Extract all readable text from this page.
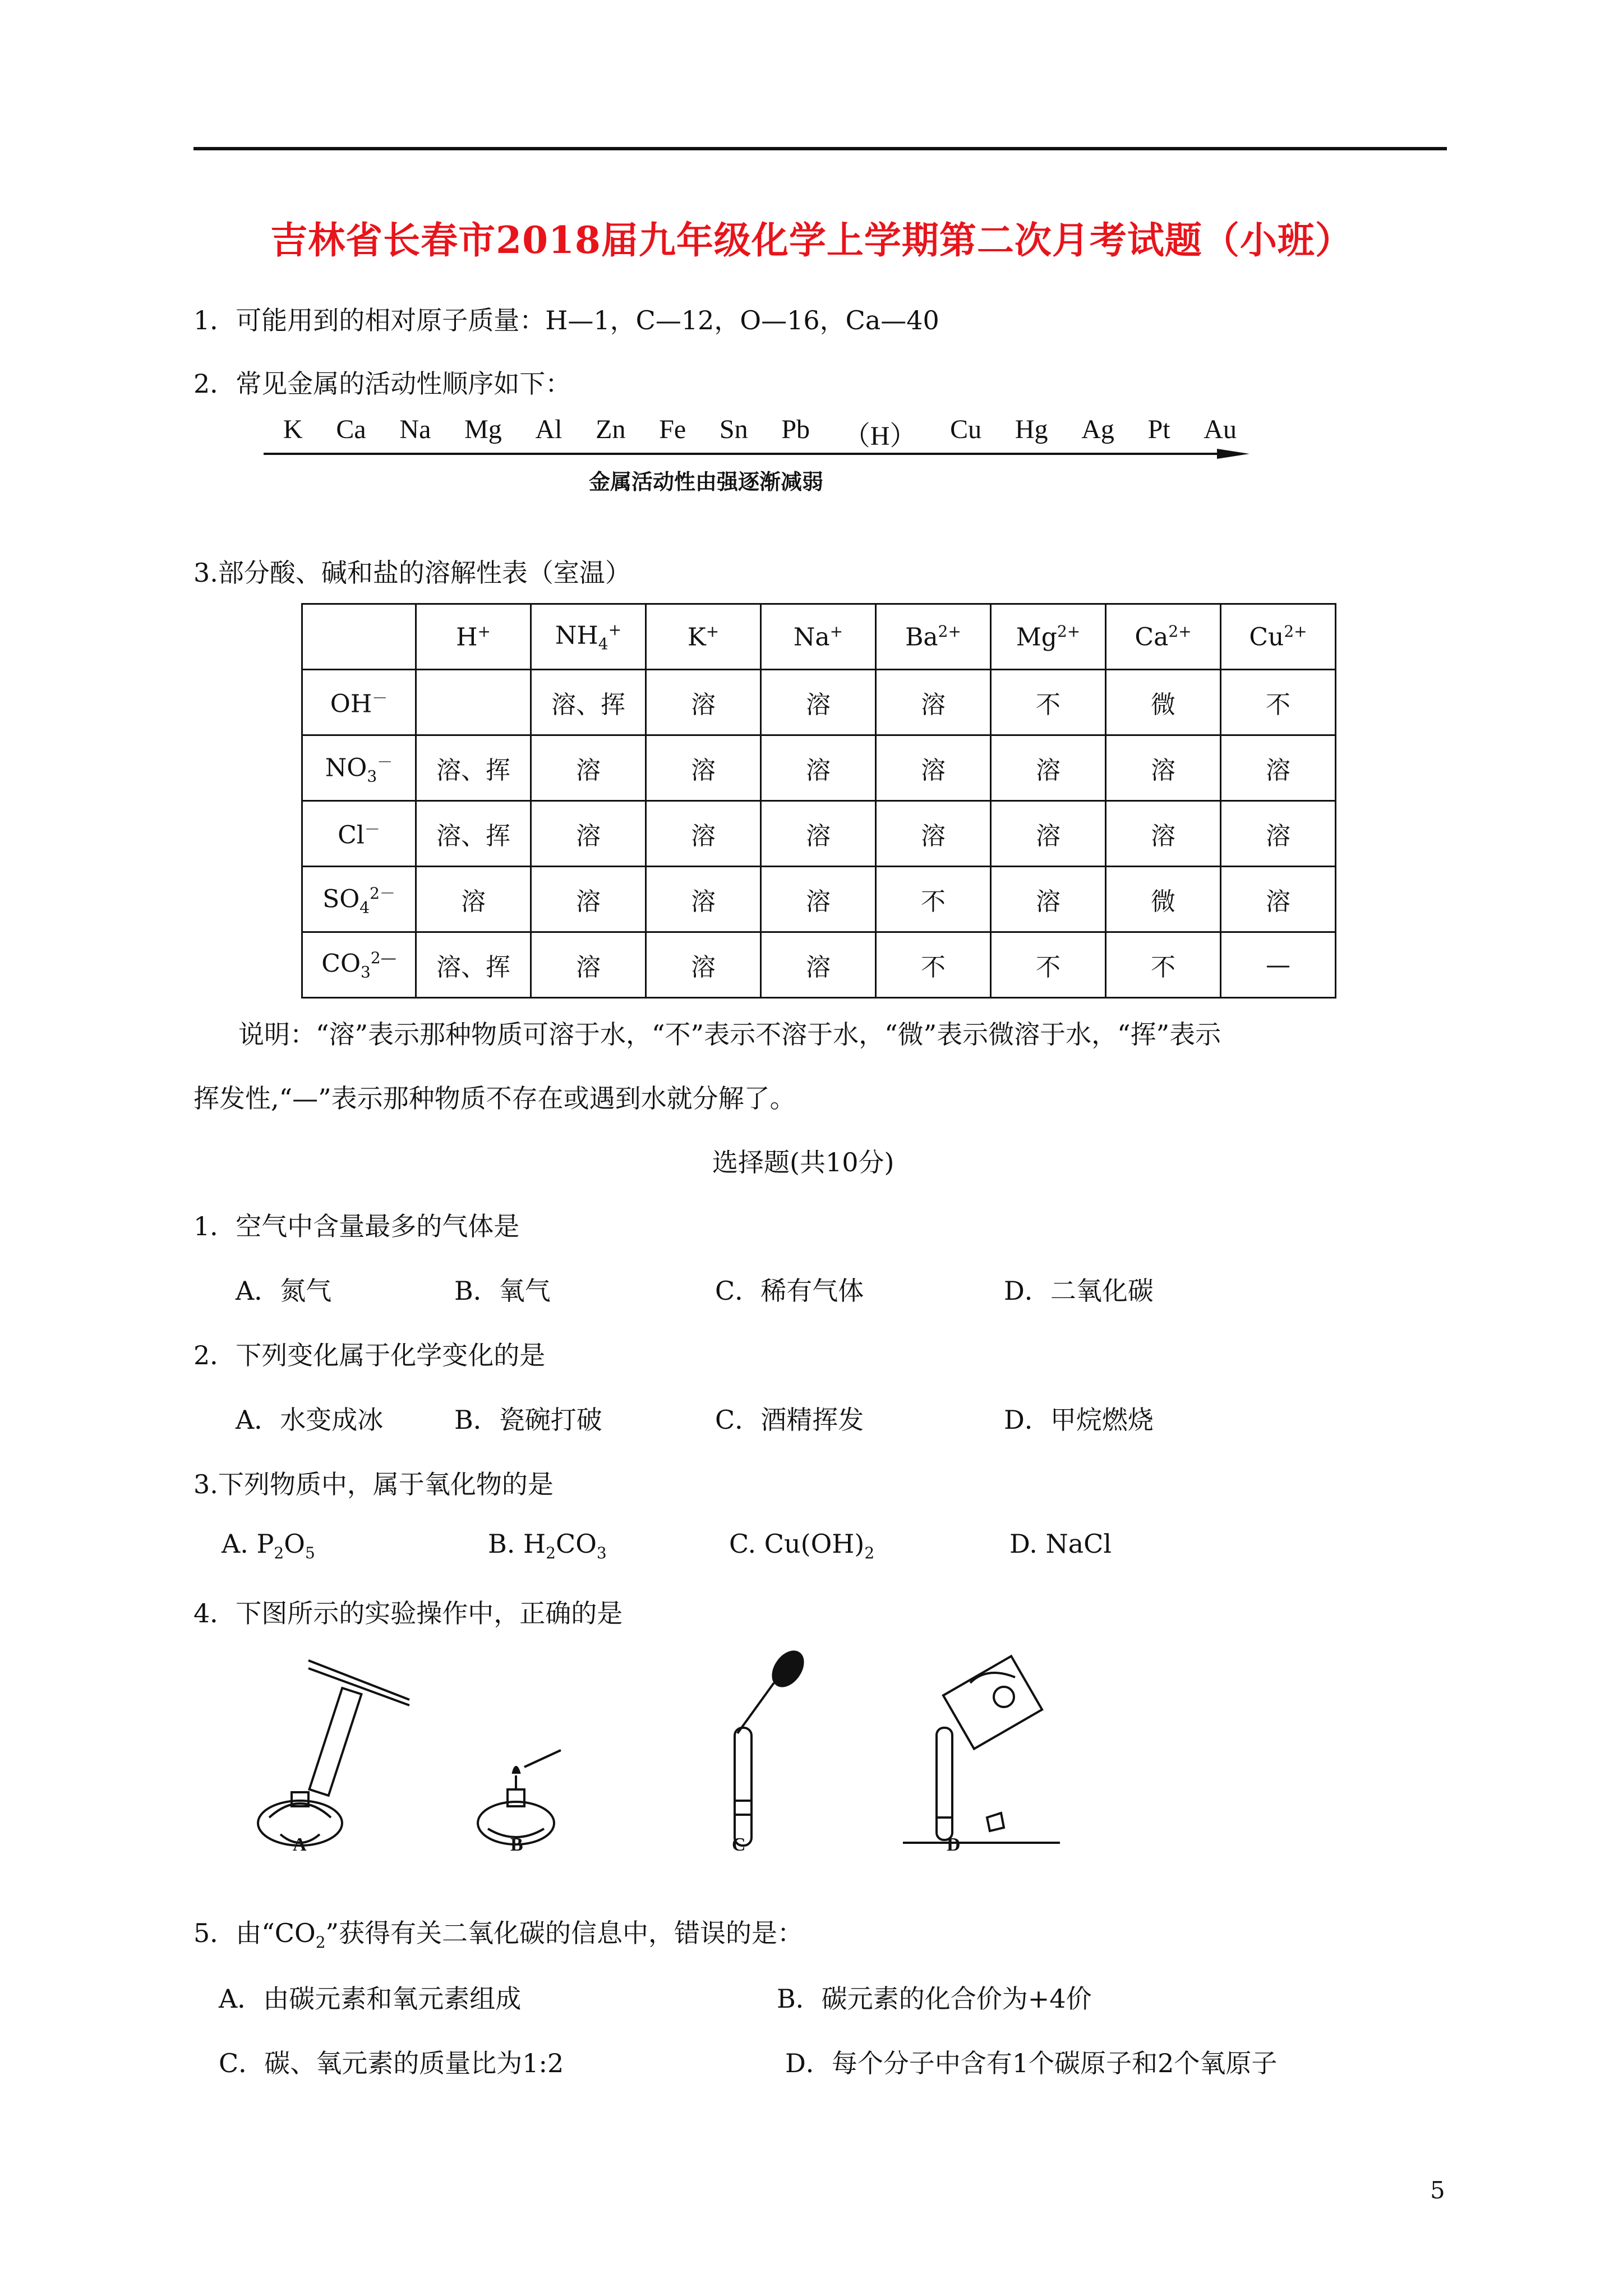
吉林省长春市2018届九年级化学上学期第二次月考试题（小班）
1．可能用到的相对原子质量：H—1，C—12，O—16，Ca—40
2．常见金属的活动性顺序如下：
K Ca Na Mg Al Zn Fe Sn Pb （H） Cu Hg Ag Pt Au
金属活动性由强逐渐减弱
3.部分酸、碱和盐的溶解性表（室温）
	H+	$NH_4^+$	K+	Na+	$Ba^{2+}$	$Mg^{2+}$	$Ca^{2+}$	$Cu^{2+}$
OH－		溶、挥	溶	溶	溶	不	微	不
$NO_3^-$	溶、挥	溶	溶	溶	溶	溶	溶	溶
Cl－	溶、挥	溶	溶	溶	溶	溶	溶	溶
$SO_4^{2-}$	溶	溶	溶	溶	不	溶	微	溶
$CO_3^{2—}$	溶、挥	溶	溶	溶	不	不	不	—
说明：“溶”表示那种物质可溶于水，“不”表示不溶于水，“微”表示微溶于水，“挥”表示
挥发性,“—”表示那种物质不存在或遇到水就分解了。
选择题(共10分)
1．空气中含量最多的气体是
A．氮气	B．氧气	C．稀有气体	D．二氧化碳
2．下列变化属于化学变化的是
A．水变成冰	B．瓷碗打破	C．酒精挥发	D．甲烷燃烧
3.下列物质中，属于氧化物的是
A. $P_2O_5$	B. $H_2CO_3$	C. $Cu(OH)_2$	D. NaCl
4．下图所示的实验操作中，正确的是
A	B	C	D
5．由“$CO_2$”获得有关二氧化碳的信息中，错误的是：
A．由碳元素和氧元素组成	B．碳元素的化合价为+4价
C．碳、氧元素的质量比为1:2	D．每个分子中含有1个碳原子和2个氧原子
5
